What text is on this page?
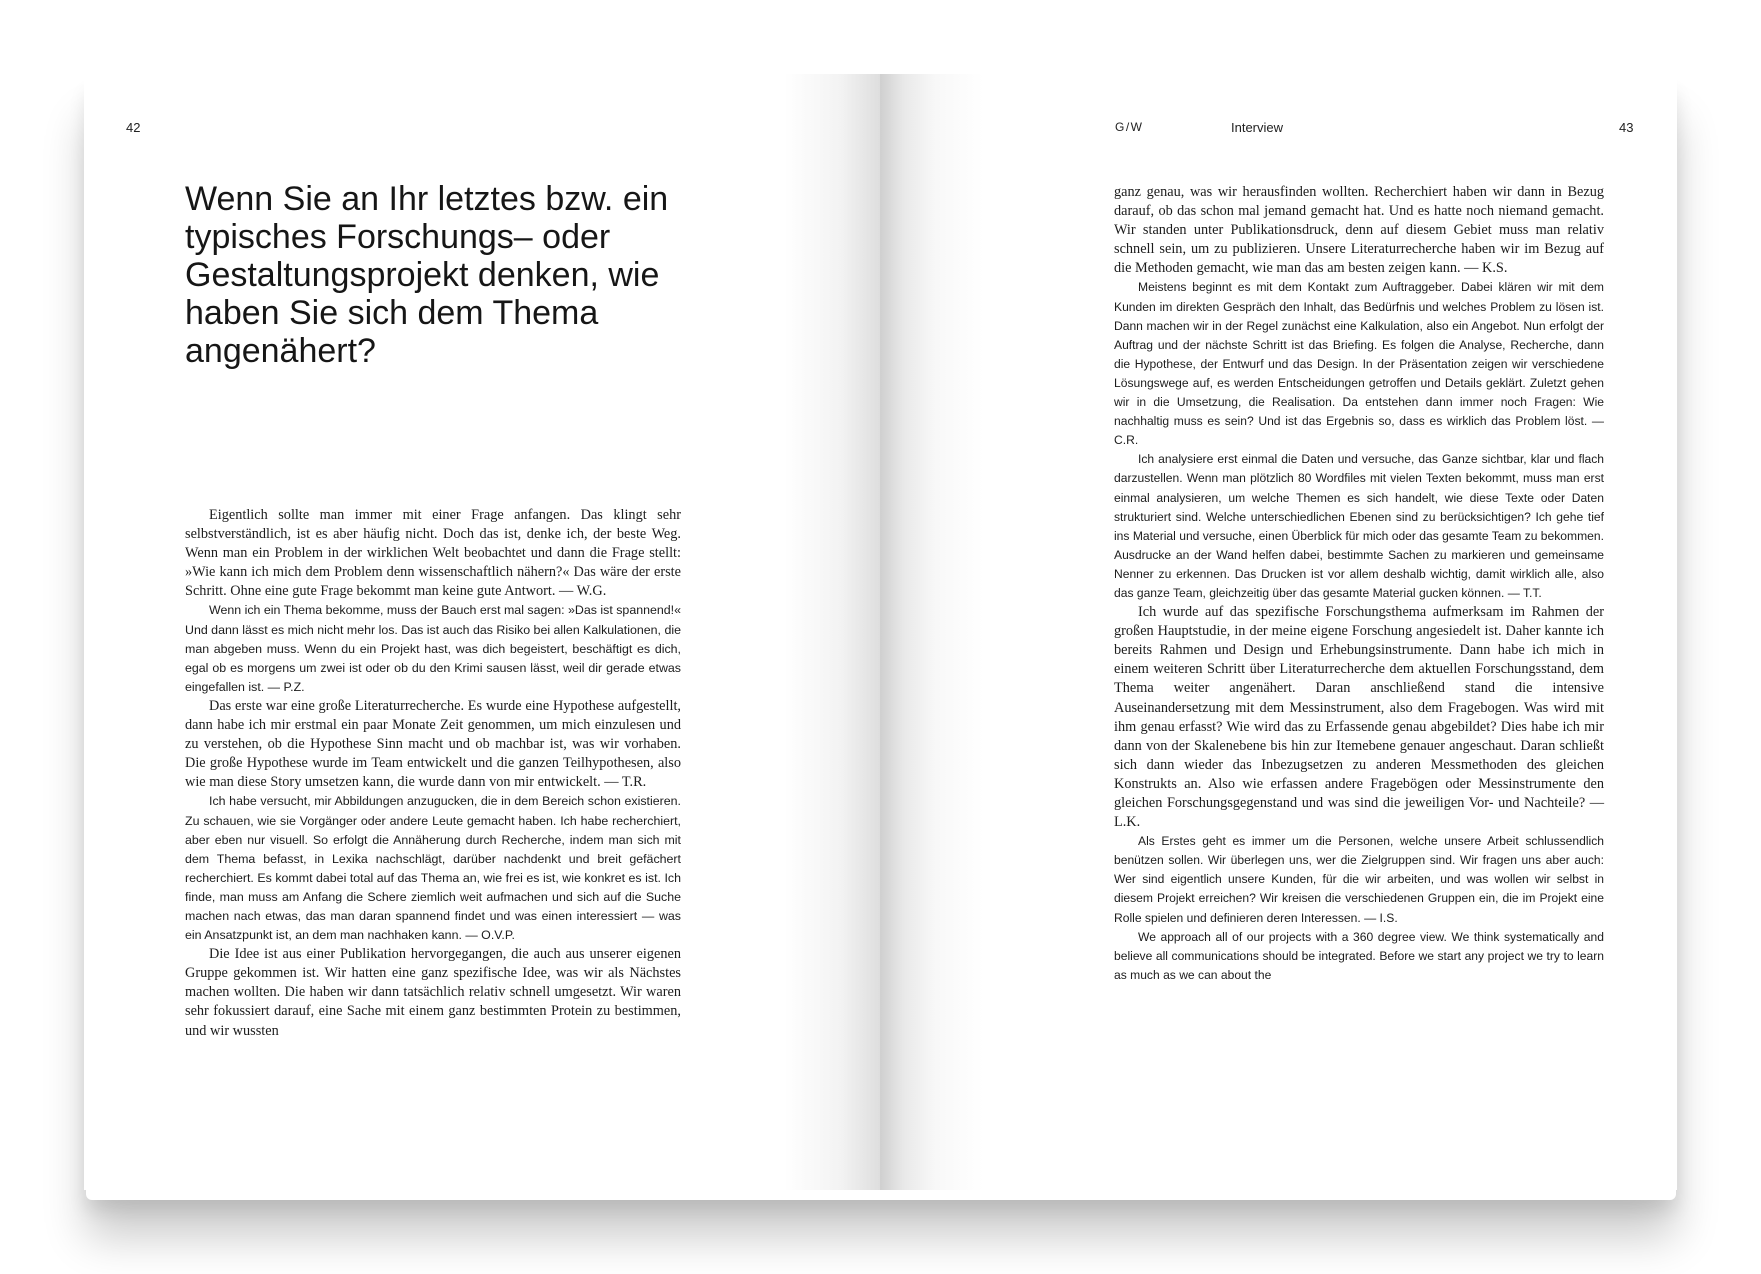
42
Wenn Sie an Ihr letztes bzw. ein typisches Forschungs– oder Gestaltungsprojekt denken, wie haben Sie sich dem Thema angenähert?

Eigentlich sollte man immer mit einer Frage anfangen. Das klingt sehr selbstverständlich, ist es aber häufig nicht. Doch das ist, denke ich, der beste Weg. Wenn man ein Problem in der wirklichen Welt beobachtet und dann die Frage stellt: »Wie kann ich mich dem Problem denn wissenschaftlich nähern?« Das wäre der erste Schritt. Ohne eine gute Frage bekommt man keine gute Antwort. — W.G.

Wenn ich ein Thema bekomme, muss der Bauch erst mal sagen: »Das ist spannend!« Und dann lässt es mich nicht mehr los. Das ist auch das Risiko bei allen Kalkulationen, die man abgeben muss. Wenn du ein Projekt hast, was dich begeistert, beschäftigt es dich, egal ob es morgens um zwei ist oder ob du den Krimi sausen lässt, weil dir gerade etwas eingefallen ist. — P.Z.

Das erste war eine große Literaturrecherche. Es wurde eine Hypothese aufgestellt, dann habe ich mir erstmal ein paar Monate Zeit genommen, um mich einzulesen und zu verstehen, ob die Hypothese Sinn macht und ob machbar ist, was wir vorhaben. Die große Hypothese wurde im Team entwickelt und die ganzen Teilhypothesen, also wie man diese Story umsetzen kann, die wurde dann von mir entwickelt. — T.R.

Ich habe versucht, mir Abbildungen anzugucken, die in dem Bereich schon existieren. Zu schauen, wie sie Vorgänger oder andere Leute gemacht haben. Ich habe recherchiert, aber eben nur visuell. So erfolgt die Annäherung durch Recherche, indem man sich mit dem Thema befasst, in Lexika nachschlägt, darüber nachdenkt und breit gefächert recherchiert. Es kommt dabei total auf das Thema an, wie frei es ist, wie konkret es ist. Ich finde, man muss am Anfang die Schere ziemlich weit aufmachen und sich auf die Suche machen nach etwas, das man daran spannend findet und was einen interessiert — was ein Ansatzpunkt ist, an dem man nachhaken kann. — O.V.P.

Die Idee ist aus einer Publikation hervorgegangen, die auch aus unserer eigenen Gruppe gekommen ist. Wir hatten eine ganz spezifische Idee, was wir als Nächstes machen wollten. Die haben wir dann tatsächlich relativ schnell umgesetzt. Wir waren sehr fokussiert darauf, eine Sache mit einem ganz bestimmten Protein zu bestimmen, und wir wussten

G/W	Interview	43

ganz genau, was wir herausfinden wollten. Recherchiert haben wir dann in Bezug darauf, ob das schon mal jemand gemacht hat. Und es hatte noch niemand gemacht. Wir standen unter Publikationsdruck, denn auf diesem Gebiet muss man relativ schnell sein, um zu publizieren. Unsere Literaturrecherche haben wir im Bezug auf die Methoden gemacht, wie man das am besten zeigen kann. — K.S.

Meistens beginnt es mit dem Kontakt zum Auftraggeber. Dabei klären wir mit dem Kunden im direkten Gespräch den Inhalt, das Bedürfnis und welches Problem zu lösen ist. Dann machen wir in der Regel zunächst eine Kalkulation, also ein Angebot. Nun erfolgt der Auftrag und der nächste Schritt ist das Briefing. Es folgen die Analyse, Recherche, dann die Hypothese, der Entwurf und das Design. In der Präsentation zeigen wir verschiedene Lösungswege auf, es werden Entscheidungen getroffen und Details geklärt. Zuletzt gehen wir in die Umsetzung, die Realisation. Da entstehen dann immer noch Fragen: Wie nachhaltig muss es sein? Und ist das Ergebnis so, dass es wirklich das Problem löst. — C.R.

Ich analysiere erst einmal die Daten und versuche, das Ganze sichtbar, klar und flach darzustellen. Wenn man plötzlich 80 Wordfiles mit vielen Texten bekommt, muss man erst einmal analysieren, um welche Themen es sich handelt, wie diese Texte oder Daten strukturiert sind. Welche unterschiedlichen Ebenen sind zu berücksichtigen? Ich gehe tief ins Material und versuche, einen Überblick für mich oder das gesamte Team zu bekommen. Ausdrucke an der Wand helfen dabei, bestimmte Sachen zu markieren und gemeinsame Nenner zu erkennen. Das Drucken ist vor allem deshalb wichtig, damit wirklich alle, also das ganze Team, gleichzeitig über das gesamte Material gucken können. — T.T.

Ich wurde auf das spezifische Forschungsthema aufmerksam im Rahmen der großen Hauptstudie, in der meine eigene Forschung angesiedelt ist. Daher kannte ich bereits Rahmen und Design und Erhebungsinstrumente. Dann habe ich mich in einem weiteren Schritt über Literaturrecherche dem aktuellen Forschungsstand, dem Thema weiter angenähert. Daran anschließend stand die intensive Auseinandersetzung mit dem Messinstrument, also dem Fragebogen. Was wird mit ihm genau erfasst? Wie wird das zu Erfassende genau abgebildet? Dies habe ich mir dann von der Skalenebene bis hin zur Itemebene genauer angeschaut. Daran schließt sich dann wieder das Inbezugsetzen zu anderen Messmethoden des gleichen Konstrukts an. Also wie erfassen andere Fragebögen oder Messinstrumente den gleichen Forschungsgegenstand und was sind die jeweiligen Vor- und Nachteile? — L.K.

Als Erstes geht es immer um die Personen, welche unsere Arbeit schlussendlich benützen sollen. Wir überlegen uns, wer die Zielgruppen sind. Wir fragen uns aber auch: Wer sind eigentlich unsere Kunden, für die wir arbeiten, und was wollen wir selbst in diesem Projekt erreichen? Wir kreisen die verschiedenen Gruppen ein, die im Projekt eine Rolle spielen und definieren deren Interessen. — I.S.

We approach all of our projects with a 360 degree view. We think systematically and believe all communications should be integrated. Before we start any project we try to learn as much as we can about the
